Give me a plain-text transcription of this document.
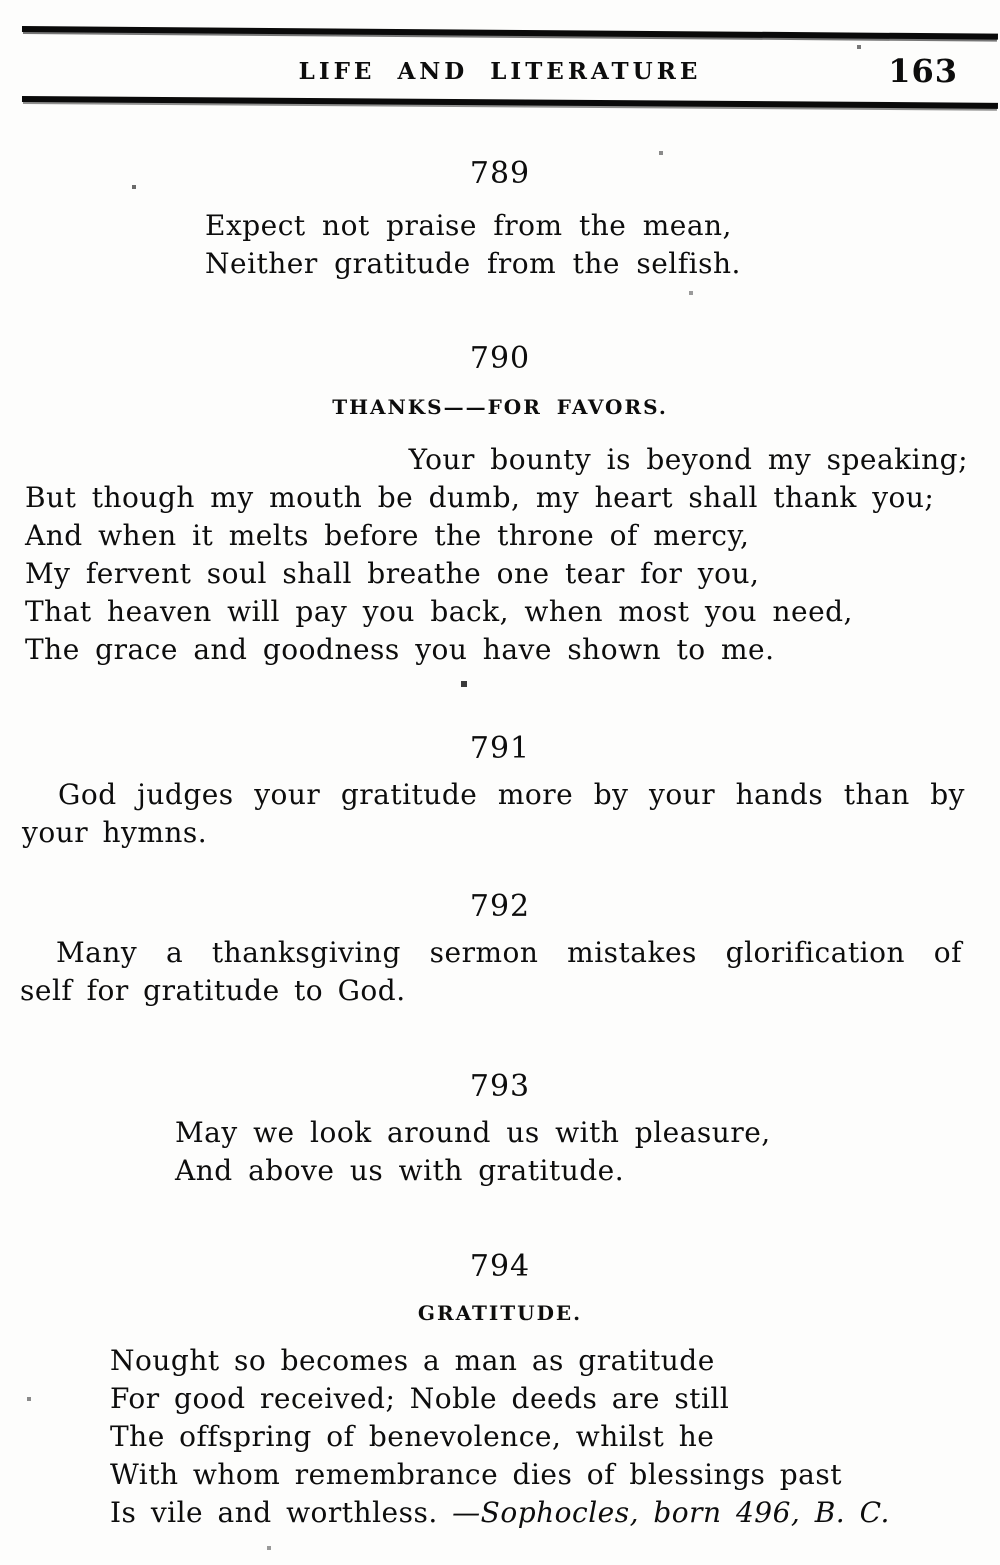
LIFE AND LITERATURE	163
789
Expect not praise from the mean,
Neither gratitude from the selfish.
790
THANKS——FOR FAVORS.
Your bounty is beyond my speaking;
But though my mouth be dumb, my heart shall thank you;
And when it melts before the throne of mercy,
My fervent soul shall breathe one tear for you,
That heaven will pay you back, when most you need,
The grace and goodness you have shown to me.
791
God judges your gratitude more by your hands than by
your hymns.
792
Many a thanksgiving sermon mistakes glorification of
self for gratitude to God.
793
May we look around us with pleasure,
And above us with gratitude.
794
GRATITUDE.
Nought so becomes a man as gratitude
For good received; Noble deeds are still
The offspring of benevolence, whilst he
With whom remembrance dies of blessings past
Is vile and worthless. —Sophocles, born 496, B. C.
